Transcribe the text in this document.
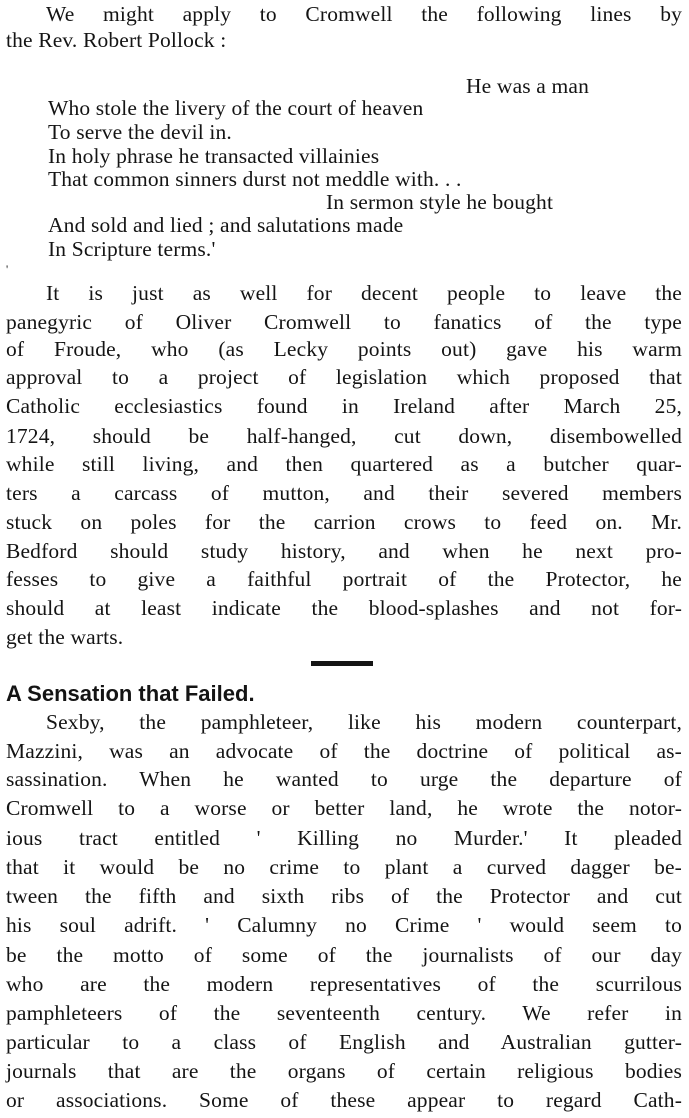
We might apply to Cromwell the following lines by
the Rev. Robert Pollock :
He was a man
Who stole the livery of the court of heaven
To serve the devil in.
In holy phrase he transacted villainies
That common sinners durst not meddle with. . .
In sermon style he bought
And sold and lied ; and salutations made
In Scripture terms.'
'
It is just as well for decent people to leave the
panegyric of Oliver Cromwell to fanatics of the type
of Froude, who (as Lecky points out) gave his warm
approval to a project of legislation which proposed that
Catholic ecclesiastics found in Ireland after March 25,
1724, should be half-hanged, cut down, disembowelled
while still living, and then quartered as a butcher quar-
ters a carcass of mutton, and their severed members
stuck on poles for the carrion crows to feed on. Mr.
Bedford should study history, and when he next pro-
fesses to give a faithful portrait of the Protector, he
should at least indicate the blood-splashes and not for-
get the warts.
A Sensation that Failed.
Sexby, the pamphleteer, like his modern counterpart,
Mazzini, was an advocate of the doctrine of political as-
sassination. When he wanted to urge the departure of
Cromwell to a worse or better land, he wrote the notor-
ious tract entitled ' Killing no Murder.' It pleaded
that it would be no crime to plant a curved dagger be-
tween the fifth and sixth ribs of the Protector and cut
his soul adrift. ' Calumny no Crime ' would seem to
be the motto of some of the journalists of our day
who are the modern representatives of the scurrilous
pamphleteers of the seventeenth century. We refer in
particular to a class of English and Australian gutter-
journals that are the organs of certain religious bodies
or associations. Some of these appear to regard Cath-
